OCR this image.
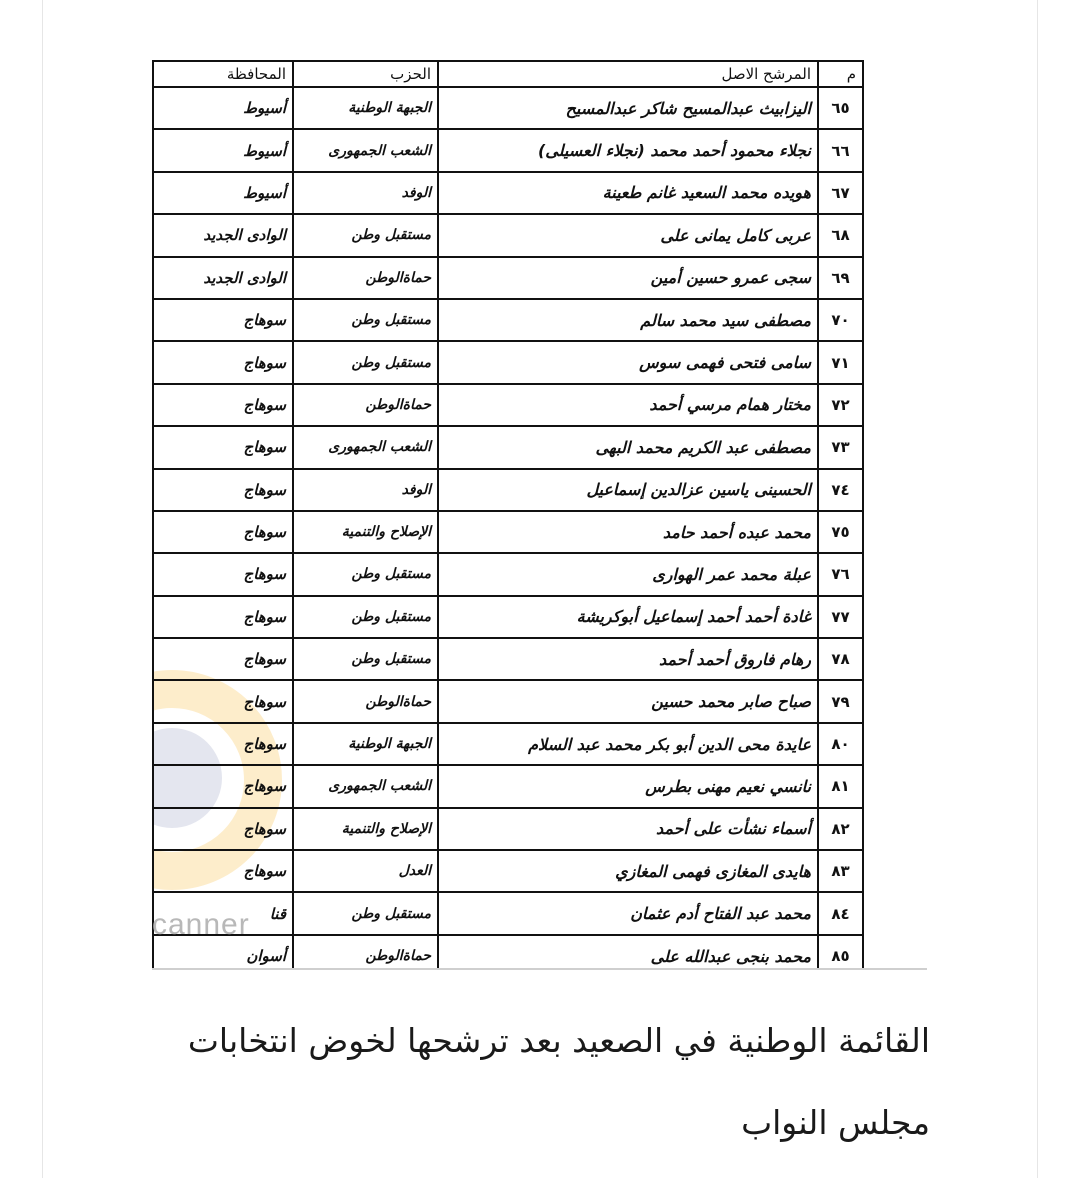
م	المرشح الاصل	الحزب	المحافظة
٦٥	اليزابيث عبدالمسيح شاكر عبدالمسيح	الجبهة الوطنية	أسيوط
٦٦	نجلاء محمود أحمد محمد (نجلاء العسيلى)	الشعب الجمهورى	أسيوط
٦٧	هويده محمد السعيد غانم طعينة	الوفد	أسيوط
٦٨	عربى كامل يمانى على	مستقبل وطن	الوادى الجديد
٦٩	سجى عمرو حسين أمين	حماةالوطن	الوادى الجديد
٧٠	مصطفى سيد محمد سالم	مستقبل وطن	سوهاج
٧١	سامى فتحى فهمى سوس	مستقبل وطن	سوهاج
٧٢	مختار همام مرسي أحمد	حماةالوطن	سوهاج
٧٣	مصطفى عبد الكريم محمد البهى	الشعب الجمهورى	سوهاج
٧٤	الحسينى ياسين عزالدين إسماعيل	الوفد	سوهاج
٧٥	محمد عبده أحمد حامد	الإصلاح والتنمية	سوهاج
٧٦	عبلة محمد عمر الهوارى	مستقبل وطن	سوهاج
٧٧	غادة أحمد أحمد إسماعيل أبوكريشة	مستقبل وطن	سوهاج
٧٨	رهام فاروق أحمد أحمد	مستقبل وطن	سوهاج
٧٩	صباح صابر محمد حسين	حماةالوطن	سوهاج
٨٠	عايدة محى الدين أبو بكر محمد عبد السلام	الجبهة الوطنية	سوهاج
٨١	نانسي نعيم مهنى بطرس	الشعب الجمهورى	سوهاج
٨٢	أسماء نشأت على أحمد	الإصلاح والتنمية	سوهاج
٨٣	هايدى المغازى فهمى المغازي	العدل	سوهاج
٨٤	محمد عبد الفتاح أدم عثمان	مستقبل وطن	قنا
٨٥	محمد بنجى عبدالله على	حماةالوطن	أسوان
canner
القائمة الوطنية في الصعيد بعد ترشحها لخوض انتخابات مجلس النواب
